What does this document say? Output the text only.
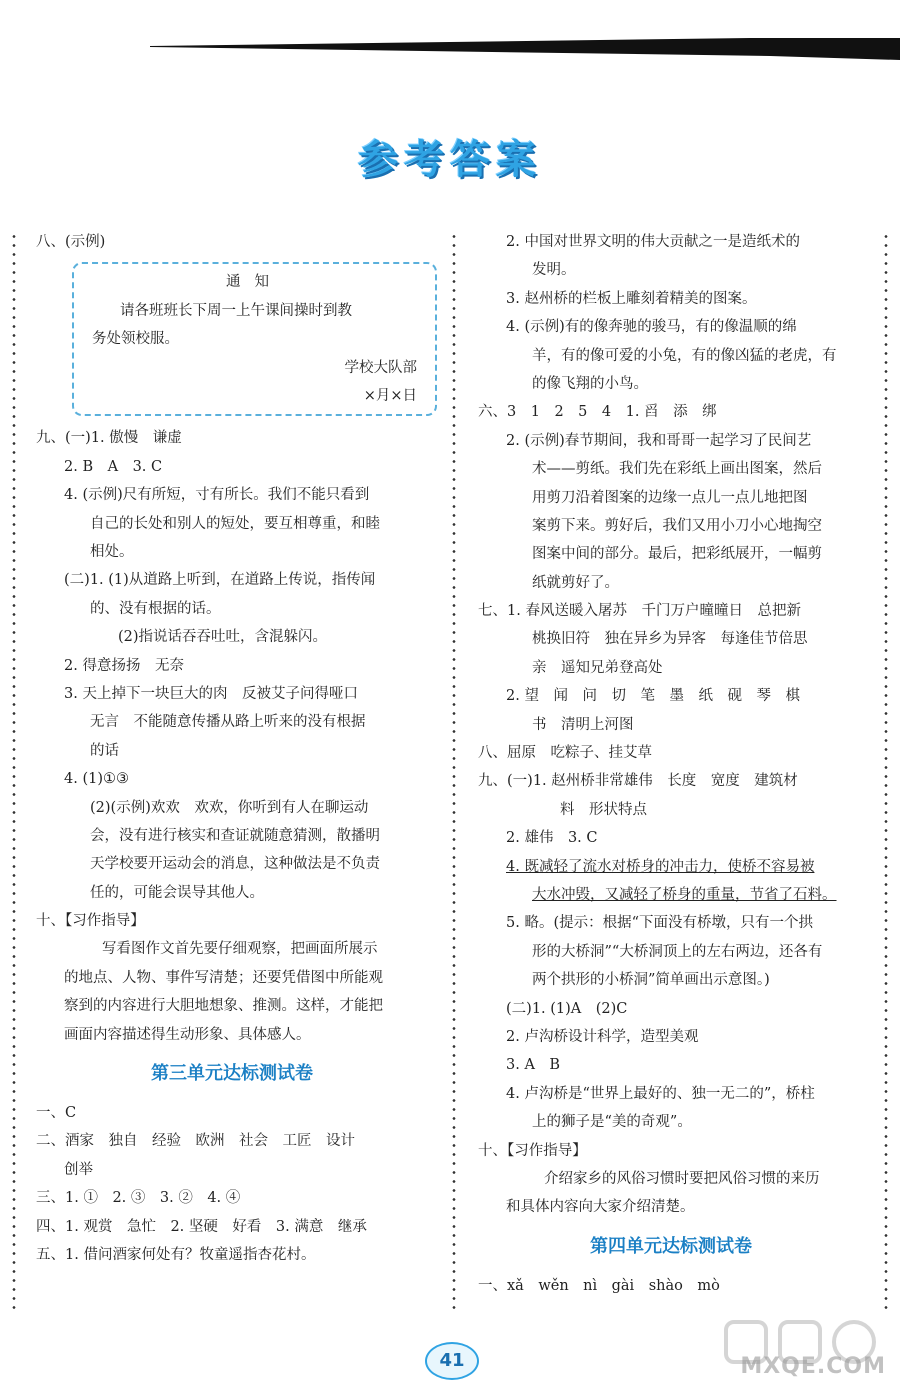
参考答案
八、(示例)
通知
请各班班长下周一上午课间操时到教
务处领校服。
学校大队部
×月×日
九、(一)1. 傲慢　谦虚
2. B　A　3. C
4. (示例)尺有所短，寸有所长。我们不能只看到
自己的长处和别人的短处，要互相尊重，和睦
相处。
(二)1. (1)从道路上听到，在道路上传说，指传闻
的、没有根据的话。
(2)指说话吞吞吐吐，含混躲闪。
2. 得意扬扬　无奈
3. 天上掉下一块巨大的肉　反被艾子问得哑口
无言　不能随意传播从路上听来的没有根据
的话
4. (1)①③
(2)(示例)欢欢　欢欢，你听到有人在聊运动
会，没有进行核实和查证就随意猜测，散播明
天学校要开运动会的消息，这种做法是不负责
任的，可能会误导其他人。
十、【习作指导】
写看图作文首先要仔细观察，把画面所展示
的地点、人物、事件写清楚；还要凭借图中所能观
察到的内容进行大胆地想象、推测。这样，才能把
画面内容描述得生动形象、具体感人。
第三单元达标测试卷
一、C
二、酒家　独自　经验　欧洲　社会　工匠　设计
创举
三、1. ①　2. ③　3. ②　4. ④
四、1. 观赏　急忙　2. 坚硬　好看　3. 满意　继承
五、1. 借问酒家何处有？牧童遥指杏花村。
2. 中国对世界文明的伟大贡献之一是造纸术的
发明。
3. 赵州桥的栏板上雕刻着精美的图案。
4. (示例)有的像奔驰的骏马，有的像温顺的绵
羊，有的像可爱的小兔，有的像凶猛的老虎，有
的像飞翔的小鸟。
六、3　1　2　5　4　1. 舀　添　绑
2. (示例)春节期间，我和哥哥一起学习了民间艺
术——剪纸。我们先在彩纸上画出图案，然后
用剪刀沿着图案的边缘一点儿一点儿地把图
案剪下来。剪好后，我们又用小刀小心地掏空
图案中间的部分。最后，把彩纸展开，一幅剪
纸就剪好了。
七、1. 春风送暖入屠苏　千门万户曈曈日　总把新
桃换旧符　独在异乡为异客　每逢佳节倍思
亲　遥知兄弟登高处
2. 望　闻　问　切　笔　墨　纸　砚　琴　棋
书　清明上河图
八、屈原　吃粽子、挂艾草
九、(一)1. 赵州桥非常雄伟　长度　宽度　建筑材
料　形状特点
2. 雄伟　3. C
4. 既减轻了流水对桥身的冲击力，使桥不容易被
大水冲毁，又减轻了桥身的重量，节省了石料。
5. 略。(提示：根据“下面没有桥墩，只有一个拱
形的大桥洞”“大桥洞顶上的左右两边，还各有
两个拱形的小桥洞”简单画出示意图。)
(二)1. (1)A　(2)C
2. 卢沟桥设计科学，造型美观
3. A　B
4. 卢沟桥是“世界上最好的、独一无二的”，桥柱
上的狮子是“美的奇观”。
十、【习作指导】
介绍家乡的风俗习惯时要把风俗习惯的来历
和具体内容向大家介绍清楚。
第四单元达标测试卷
一、xǎ　wěn　nì　gài　shào　mò
41	MXQE.COM
